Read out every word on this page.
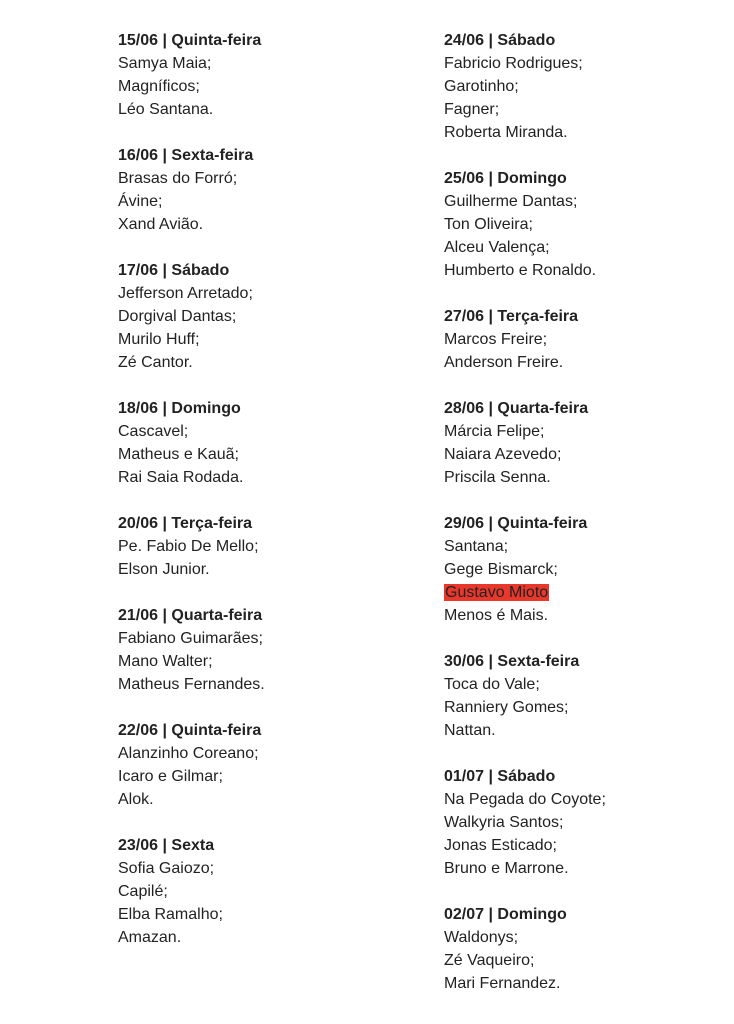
15/06 | Quinta-feira
Samya Maia;
Magníficos;
Léo Santana.
16/06 | Sexta-feira
Brasas do Forró;
Ávine;
Xand Avião.
17/06 | Sábado
Jefferson Arretado;
Dorgival Dantas;
Murilo Huff;
Zé Cantor.
18/06 | Domingo
Cascavel;
Matheus e Kauã;
Rai Saia Rodada.
20/06 | Terça-feira
Pe. Fabio De Mello;
Elson Junior.
21/06 | Quarta-feira
Fabiano Guimarães;
Mano Walter;
Matheus Fernandes.
22/06 | Quinta-feira
Alanzinho Coreano;
Icaro e Gilmar;
Alok.
23/06 | Sexta
Sofia Gaiozo;
Capilé;
Elba Ramalho;
Amazan.
24/06 | Sábado
Fabricio Rodrigues;
Garotinho;
Fagner;
Roberta Miranda.
25/06 | Domingo
Guilherme Dantas;
Ton Oliveira;
Alceu Valença;
Humberto e Ronaldo.
27/06 | Terça-feira
Marcos Freire;
Anderson Freire.
28/06 | Quarta-feira
Márcia Felipe;
Naiara Azevedo;
Priscila Senna.
29/06 | Quinta-feira
Santana;
Gege Bismarck;
Gustavo Mioto
Menos é Mais.
30/06 | Sexta-feira
Toca do Vale;
Ranniery Gomes;
Nattan.
01/07 | Sábado
Na Pegada do Coyote;
Walkyria Santos;
Jonas Esticado;
Bruno e Marrone.
02/07 | Domingo
Waldonys;
Zé Vaqueiro;
Mari Fernandez.
